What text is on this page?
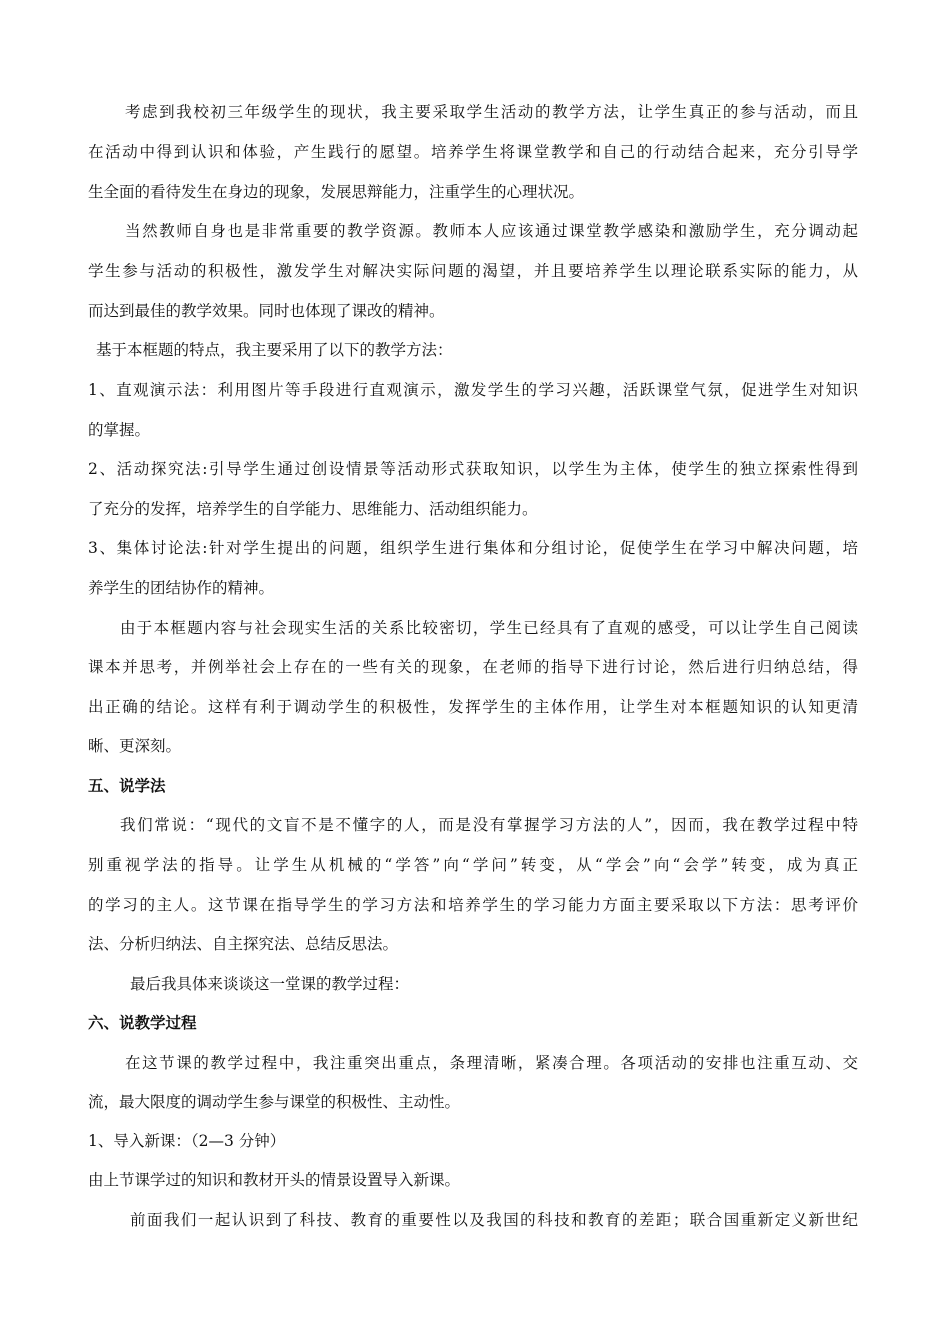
考虑到我校初三年级学生的现状，我主要采取学生活动的教学方法，让学生真正的参与活动，而且
在活动中得到认识和体验，产生践行的愿望。培养学生将课堂教学和自己的行动结合起来，充分引导学
生全面的看待发生在身边的现象，发展思辩能力，注重学生的心理状况。
当然教师自身也是非常重要的教学资源。教师本人应该通过课堂教学感染和激励学生，充分调动起
学生参与活动的积极性，激发学生对解决实际问题的渴望，并且要培养学生以理论联系实际的能力，从
而达到最佳的教学效果。同时也体现了课改的精神。
基于本框题的特点，我主要采用了以下的教学方法：
1、直观演示法：利用图片等手段进行直观演示，激发学生的学习兴趣，活跃课堂气氛，促进学生对知识
的掌握。
2、活动探究法:引导学生通过创设情景等活动形式获取知识，以学生为主体，使学生的独立探索性得到
了充分的发挥，培养学生的自学能力、思维能力、活动组织能力。
3、集体讨论法:针对学生提出的问题，组织学生进行集体和分组讨论，促使学生在学习中解决问题，培
养学生的团结协作的精神。
由于本框题内容与社会现实生活的关系比较密切，学生已经具有了直观的感受，可以让学生自己阅读
课本并思考，并例举社会上存在的一些有关的现象，在老师的指导下进行讨论，然后进行归纳总结，得
出正确的结论。这样有利于调动学生的积极性，发挥学生的主体作用，让学生对本框题知识的认知更清
晰、更深刻。
五、说学法
我们常说：“现代的文盲不是不懂字的人，而是没有掌握学习方法的人”，因而，我在教学过程中特
别重视学法的指导。让学生从机械的“学答”向“学问”转变，从“学会”向“会学”转变，成为真正
的学习的主人。这节课在指导学生的学习方法和培养学生的学习能力方面主要采取以下方法：思考评价
法、分析归纳法、自主探究法、总结反思法。
最后我具体来谈谈这一堂课的教学过程：
六、说教学过程
在这节课的教学过程中，我注重突出重点，条理清晰，紧凑合理。各项活动的安排也注重互动、交
流，最大限度的调动学生参与课堂的积极性、主动性。
1、导入新课：（2—3 分钟）
由上节课学过的知识和教材开头的情景设置导入新课。
前面我们一起认识到了科技、教育的重要性以及我国的科技和教育的差距；联合国重新定义新世纪
